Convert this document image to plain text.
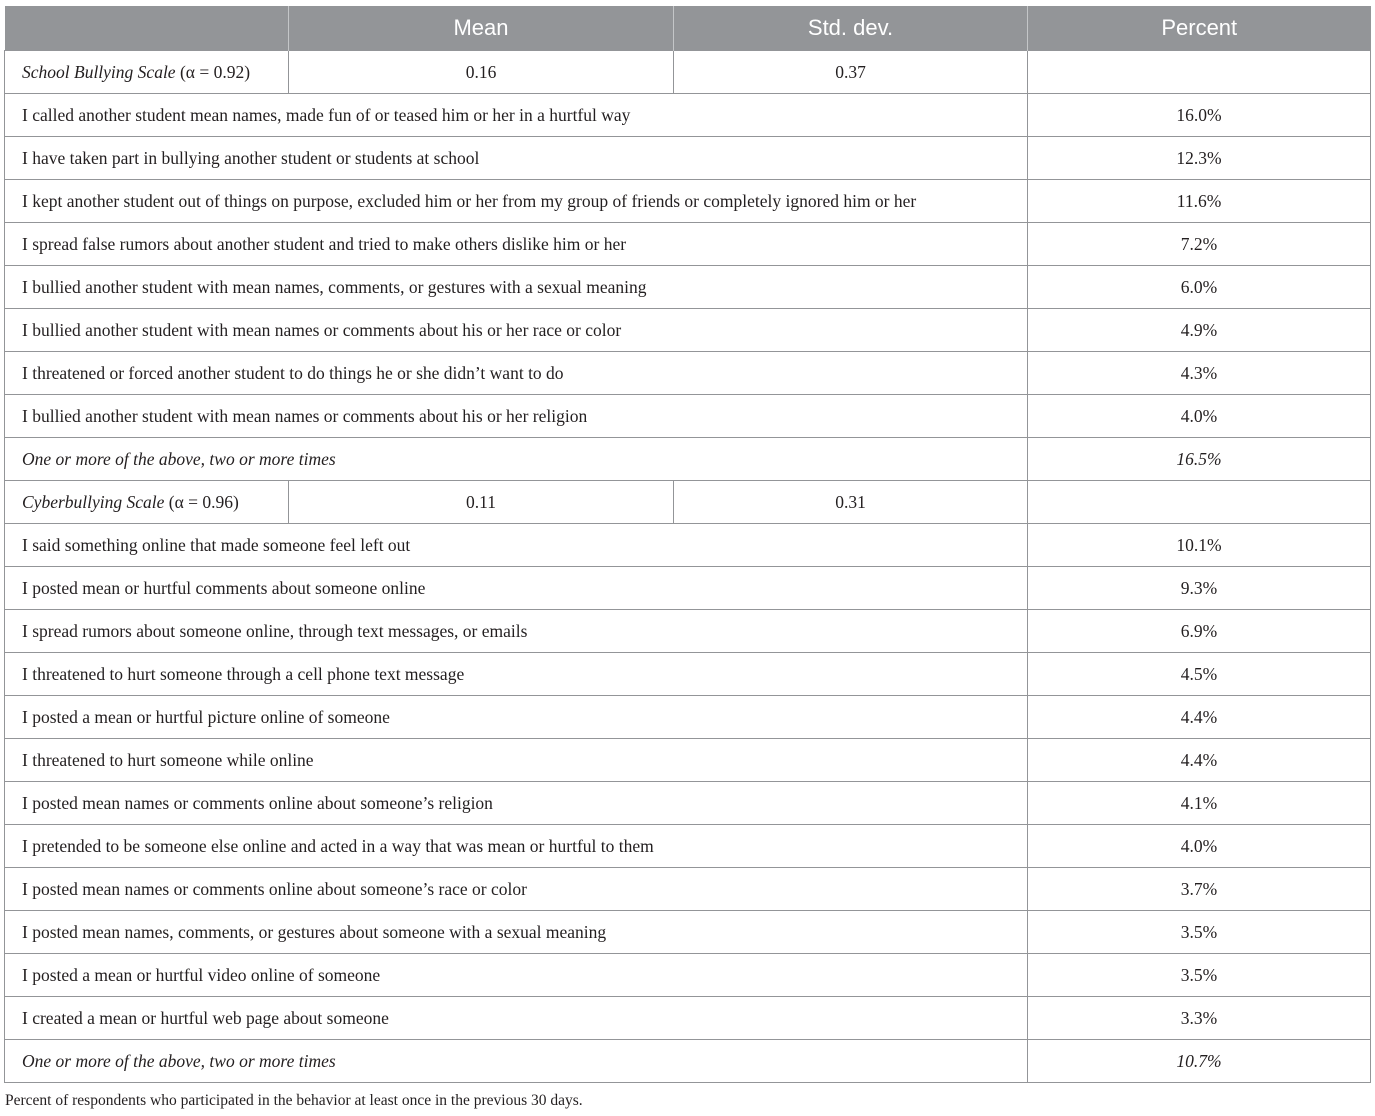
	Mean	Std. dev.	Percent
School Bullying Scale (α = 0.92)	0.16	0.37	
I called another student mean names, made fun of or teased him or her in a hurtful way			16.0%
I have taken part in bullying another student or students at school			12.3%
I kept another student out of things on purpose, excluded him or her from my group of friends or completely ignored him or her			11.6%
I spread false rumors about another student and tried to make others dislike him or her			7.2%
I bullied another student with mean names, comments, or gestures with a sexual meaning			6.0%
I bullied another student with mean names or comments about his or her race or color			4.9%
I threatened or forced another student to do things he or she didn’t want to do			4.3%
I bullied another student with mean names or comments about his or her religion			4.0%
One or more of the above, two or more times			16.5%
Cyberbullying Scale (α = 0.96)	0.11	0.31	
I said something online that made someone feel left out			10.1%
I posted mean or hurtful comments about someone online			9.3%
I spread rumors about someone online, through text messages, or emails			6.9%
I threatened to hurt someone through a cell phone text message			4.5%
I posted a mean or hurtful picture online of someone			4.4%
I threatened to hurt someone while online			4.4%
I posted mean names or comments online about someone’s religion			4.1%
I pretended to be someone else online and acted in a way that was mean or hurtful to them			4.0%
I posted mean names or comments online about someone’s race or color			3.7%
I posted mean names, comments, or gestures about someone with a sexual meaning			3.5%
I posted a mean or hurtful video online of someone			3.5%
I created a mean or hurtful web page about someone			3.3%
One or more of the above, two or more times			10.7%
Percent of respondents who participated in the behavior at least once in the previous 30 days.
